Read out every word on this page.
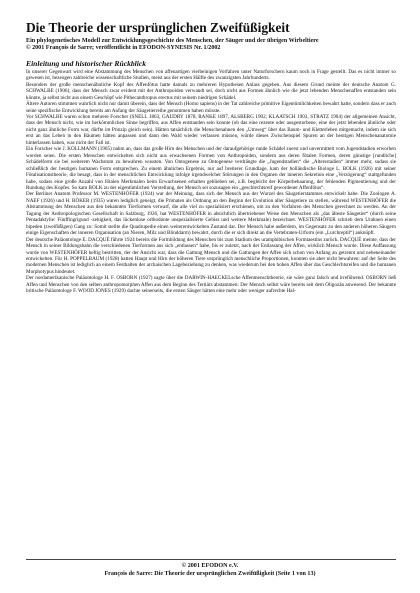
Die Theorie der ursprünglichen Zweifüßigkeit

Ein phylogenetisches Modell zur Entwicklungsgeschichte des Menschen, der Säuger und der übrigen Wirbeltiere

© 2001 François de Sarre; veröffentlicht in EFODON-SYNESIS Nr. 1/2002

Einleitung und historischer Rückblick

In unserer Gegenwart wird eine Abstammung des Menschen von affenartigen vierbeinigen Vorfahren unter Naturforschern kaum noch in Frage gestellt. Das es nicht immer so gewesen ist, bezeugen zahlreiche wissenschaftliche Studien, meist aus der ersten Hälfte des zwanzigsten Jahrhunderts.

Besonders der große menschenähnliche Kopf des Affenfötus hatte damals zu mehreren Hypothesen Anlass gegeben. Aus diesem Grund meinte der deutsche Anatom G. SCHWALBE (1906), dass der Mensch zwar evident mit der Anthropoiden verwandt sei, doch nicht aus Formen ähnlich wie die jetzt lebenden Menschenaffen entstanden sein könnte, ja selbst nicht aus einem Geschöpf wie Pithecanthropus erectus mit seinem niedrigen Schädel.

Ältere Autoren stimmten wahrlich nicht nur damit überein, dass der Mensch (Homo sapiens) in der Tat zahlreiche primitive Eigentümlichkeiten bewahrt hatte, sondern dass er auch seine spezifische Entwicklung bereits am Anfang der Säugetierreihe genommen haben müsste.

Vor SCHWALBE waren schon mehrere Forscher (SNELL 1863, GAUDRY 1878, RANKE 1897, ALSBERG 1902; KLAATSCH 1903, STRATZ 1904) der allgemeinen Ansicht, dass der Mensch nicht, wie im herkömmlichen Sinne begriffen, aus Affen entstanden sein konnte (ob das eine rezente oder ausgestorbene, eine der jetzt lebenden ähnliche oder nicht ganz ähnliche Form war, dürfte im Prinzip gleich sein). Hätten tatsächlich die Menschenahnen den „Umweg“ über das Baum- und Kletterleben mitgemacht, indem sie sich erst an das Leben in den Bäumen hätten anpassen und dann den Wald wieder verlassen müssen, würde dieses Zwischenspiel Spuren an der heutigen Menschenanatomie hinterlassen haben, was nicht der Fall ist.

Ein Forscher wie J. KOLLMANN (1905) nahm an, dass das große Hirn des Menschen und der daraufgehörige runde Schädel zuerst und unvermittelt vom Jugendstadien erworben worden seien. Die ersten Menschen entwickelten sich nicht aus erwachsenen Formen von Anthropoiden, sondern aus deren fötalen Formen, deren günstige [rundliche] Schädelform sie bei weiterem Wachstum zu bewahren wussten. Von Ontogenese zu Ontogenese verdrängte die „Jugendstadien“ die „Altersstadien“ immer mehr, sodass sie schließlich der heutigen humanen Form entsprechen. Zu einem ähnlichen Ergebnis, nur auf breiterer Grundlage, kam der holländische Biologe L. BOLK (1926) mit seiner Fötalisationstheorie, die besagt, dass in der menschlichen Entwicklung infolge irgendwelcher Störungen in den Organen der inneren Sekretion eine „Verzögerung“ stattgefunden habe, sodass eine große Anzahl von fötalen Merkmalen beim Erwachsenen erhalten geblieben sei, z.B. begleicht der Körperbehaarung, der fehlenden Pigmentierung und der Rundung des Kopfes. So kam BOLK zu der eigentümlichen Vorstellung, der Mensch sei sozusagen ein „geschlechtsreif gewordener Affenfötus“.

Der Berliner Anatom Professor M. WESTENHÖFER (1924) war der Meinung, dass sich der Mensch aus der Wurzel des Säugetierstammes entwickelt habe. Die Zoologen A. NAEF (1926) und H. BÖKER (1935) waren lediglich geneigt, die Primaten als Ordnung an den Beginn der Evolution aller Säugetiere zu stellen, während WESTENHÖFER die Abstammung des Menschen aus den bekannten Tierformen verwarf, die alle viel zu spezialisiert erschienen, um zu den Vorfahren des Menschen gerechnet zu werden. An der Tagung der Anthropologischen Gesellschaft in Salzburg, 1926, hat WESTENHÖFER in absichtlich übertriebener Weise den Menschen als „das älteste Säugetier“ (durch seine Pentadaktylie: Fünffingrigund -zehigkeit, das lückenlose orthodonte unspezialisierte Gebiss und weitere Merkmale) bezeichnet. WESTENHÖFER schrieb dem Urahnen einen bipeden (zweifüßigen) Gang zu: Somit stellte die Quadrupedie einen weiterentwickelten Zustand dar. Der Mensch habe außerdem, im Gegensatz zu den anderen höheren Säugern einige Eigenschaften der inneren Organisation (an Nieren, Milz und Blinddarm) bewahrt, durch die er sich direkt an die Vertebraten-Urform (ein „Lurchreptil“) anknüpft.

Der deutsche Paläontologe E. DACQUÉ führte 1924 bereits die Formbildung des Menschen bis zum Stadium des uramphibischen Formtaestins zurück. DACQUÉ meinte, dass der Mensch in seiner Bildungsbahn die verschiedenen Tierformen aus sich „entlassen“ habe, bis er zuletzt, nach der Entlassung der Affen, wirklich Mensch wurde. Diese Auffassung wurde von WESTENHÖFER heftig bestritten, der der Ansicht war, dass die Gattung Mensch und die Gattungen der Affen sich schon von Anfang an getrennt und nebeneinander entwickelten. Für H. POPPELBAUM (1928) hatten Haupt und Hirn der höheren Tiere ursprünglich menschliche Proportionen, konnten sie aber nicht bewahren: auf der Seite des modernen Menschen ist lediglich an einem Festhalten der archaischen Lagebeziehung zu denken, was wiederum bei den hohen Affen über das Geschlechtsreifen und die humanen Morphotypus hindeutet.

Der nordamerikanische Paläontologe H. F. OSBORN (1927) sagte über die DARWIN-HAECKELsche Affenmenschtheorie, sie wäre ganz falsch und irreführend. OSBORN ließ Affen und Menschen von den selben anthropomorphen Affen aus dem Beginn des Tertiärs abstammen: Der Mensch selbst wäre bereits seit dem Oligozän anwesend. Der bekannte britische Paläontologe F. WOOD JONES (1929) dachte seinerseits, die ersten Säuger hätten eine mehr oder weniger aufrechte Hal-

© 2001 EFODON e.V.
François de Sarre: Die Theorie der ursprünglichen Zweifüßigkeit (Seite 1 von 13)
